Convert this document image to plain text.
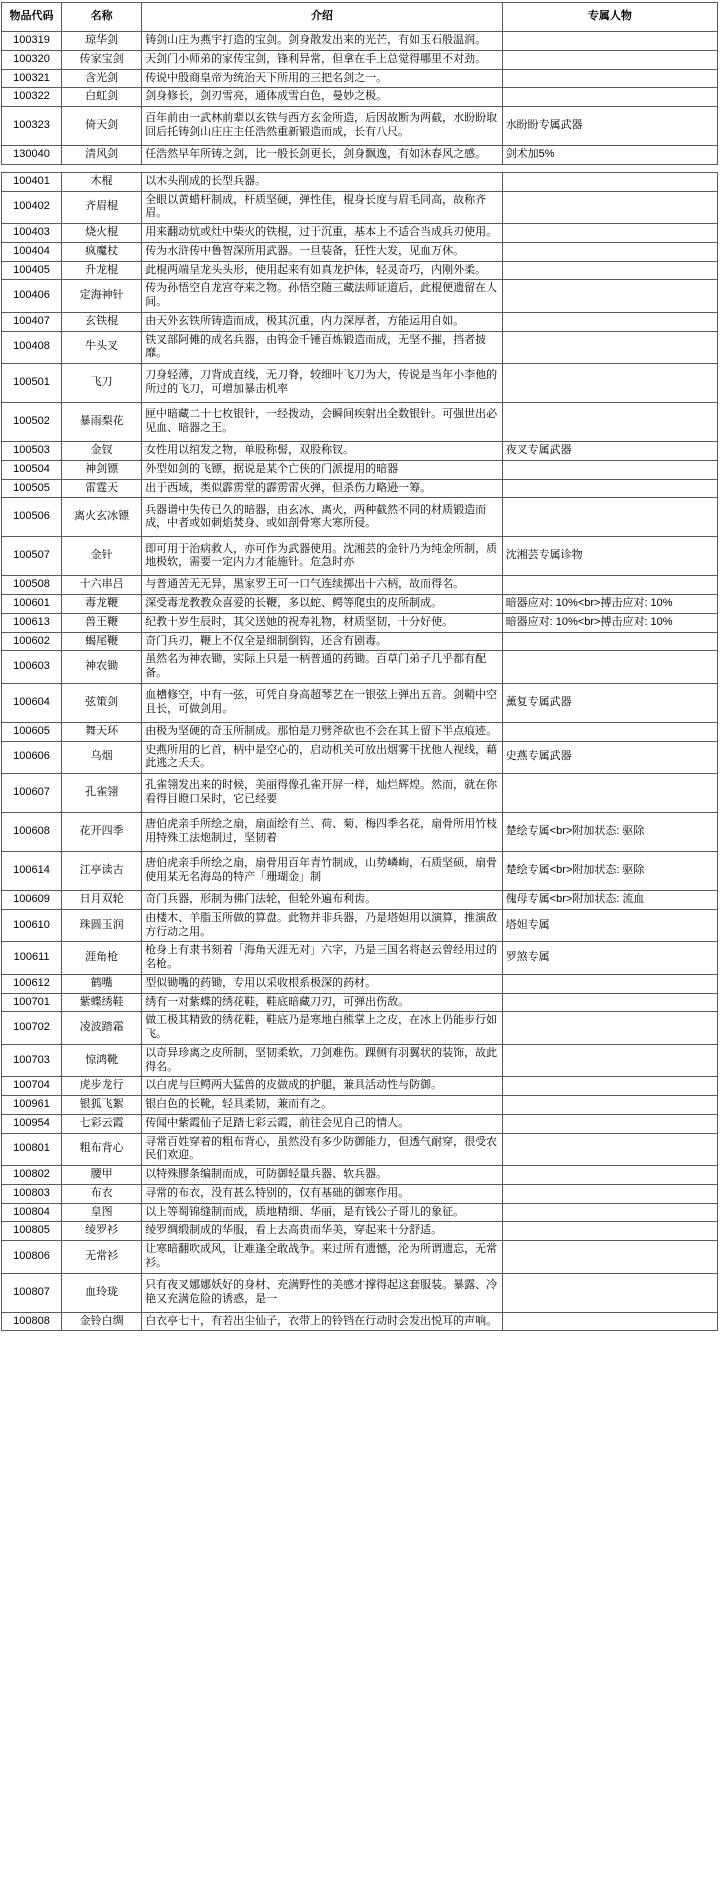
物品代码	名称	介绍	专属人物
100319	琼华剑	铸剑山庄为燕宇打造的宝剑。剑身散发出来的光芒，有如玉石般温润。	
100320	传家宝剑	天剑门小师弟的家传宝剑，锋利异常，但拿在手上总觉得哪里不对劲。	
100321	含光剑	传说中殷商皇帝为统治天下所用的三把名剑之一。	
100322	白虹剑	剑身修长，剑刃雪亮，通体成雪白色，曼妙之极。	
100323	倚天剑	百年前由一武林前辈以玄铁与西方玄金所造，后因故断为两截，水盼盼取回后托铸剑山庄庄主任浩然重新锻造而成，长有八尺。	水盼盼专属武器
130040	清风剑	任浩然早年所铸之剑，比一般长剑更长，剑身飘逸，有如沐春风之感。	剑术加5%

100401	木棍	以木头削成的长型兵器。	
100402	齐眉棍	全眼以黄蜡杆制成，杆质坚硬，弹性佳，棍身长度与眉毛同高，故称齐眉。	
100403	烧火棍	用来翻动炕或灶中柴火的铁棍，过于沉重，基本上不适合当成兵刃使用。	
100404	疯魔杖	传为水浒传中鲁智深所用武器。一旦装备，狂性大发，见血万休。	
100405	升龙棍	此棍两端呈龙头头形，使用起来有如真龙护体，轻灵奇巧，内刚外柔。	
100406	定海神针	传为孙悟空自龙宫夺来之物。孙悟空随三藏法师证道后，此棍便遗留在人间。	
100407	玄铁棍	由天外玄铁所铸造而成，极其沉重，内力深厚者，方能运用自如。	
100408	牛头叉	铁叉部阿傩的成名兵器，由钨金千锤百炼锻造而成，无坚不摧，挡者披靡。	
100501	飞刀	刀身轻薄，刀背成直线，无刀脊，较细叶飞刀为大，传说是当年小李他的所过的飞刀，可增加暴击机率	
100502	暴雨梨花	匣中暗藏二十七枚银针，一经拨动，会瞬间疾射出全数银针。可强世出必见血、暗器之王。	
100503	金钗	女性用以绾发之物，单股称髻，双股称钗。	夜叉专属武器
100504	神剑镖	外型如剑的飞镖，据说是某个亡侠的门派提用的暗器	
100505	雷霆天	出于西域，类似霹雳堂的霹雳雷火弹，但杀伤力略逊一筹。	
100506	离火玄冰镖	兵器谱中失传已久的暗器，由玄冰、离火，两种截然不同的材质锻造而成，中者或如刺焰焚身、或如剖骨寒大寒所侵。	
100507	金针	即可用于治病救人，亦可作为武器使用。沈湘芸的金针乃为纯金所制，质地极软，需要一定内力才能施针。危急时亦	沈湘芸专属诊物
100508	十六串吕	与普通苦无无异，黑家罗王可一口气连续掷出十六柄，故而得名。	
100601	毒龙鞭	深受毒龙教教众喜爱的长鞭，多以蛇、鳄等爬虫的皮所制成。	暗器应对: 10%<br>搏击应对: 10%
100613	兽王鞭	纪教十岁生辰时，其父送她的祝寿礼物，材质坚韧，十分好使。	暗器应对: 10%<br>搏击应对: 10%
100602	蝎尾鞭	奇门兵刃，鞭上不仅全是细制倒钩，还含有剧毒。	
100603	神农锄	虽然名为神农锄，实际上只是一柄普通的药锄。百草门弟子几乎都有配备。	
100604	弦策剑	血槽修空，中有一弦，可凭自身高超琴艺在一银弦上弹出五音。剑鞘中空且长，可做剑用。	薰复专属武器
100605	舞天环	由极为坚硬的奇玉所制成。那怕是刀劈斧砍也不会在其上留下半点痕迹。	
100606	乌烟	史燕所用的匕首，柄中是空心的，启动机关可放出烟雾干扰他人视线，藉此逃之夭夭。	史燕专属武器
100607	孔雀翎	孔雀翎发出来的时候，美丽得像孔雀开屏一样，灿烂辉煌。然而，就在你看得目瞪口呆时，它已经要	
100608	花开四季	唐伯虎亲手所绘之扇，扇面绘有兰、荷、菊、梅四季名花，扇骨所用竹枝用特殊工法炮制过，坚韧着	楚绘专属<br>附加状态: 驱除
100614	江亭读古	唐伯虎亲手所绘之扇，扇骨用百年青竹制成，山势嶙峋，石质坚硕，扇骨使用某无名海岛的特产「珊瑚金」制	楚绘专属<br>附加状态: 驱除
100609	日月双轮	奇门兵器，形制为佛门法轮，但轮外遍布利齿。	傀母专属<br>附加状态: 流血
100610	珠圆玉润	由楼木、羊脂玉所做的算盘。此物并非兵器，乃是塔妲用以演算，推演敌方行动之用。	塔妲专属
100611	涯角枪	枪身上有隶书刻着「海角天涯无对」六字，乃是三国名将赵云曾经用过的名枪。	罗煞专属
100612	鹤嘴	型似锄嘴的药锄，专用以采收根系极深的药材。	
100701	紫蝶绣鞋	绣有一对紫蝶的绣花鞋，鞋底暗藏刀刃，可弹出伤敌。	
100702	凌波踏霜	做工极其精致的绣花鞋，鞋底乃是寒地白熊掌上之皮，在冰上仍能步行如飞。	
100703	惊鸿靴	以奇异珍离之皮所制，坚韧柔软，刀剑难伤。踝侧有羽翼状的装饰，故此得名。	
100704	虎步龙行	以白虎与巨鳄两大猛兽的皮做成的护腿，兼具活动性与防御。	
100961	银狐飞絮	银白色的长靴，轻具柔韧，兼而有之。	
100954	七彩云霞	传闻中紫霞仙子足踏七彩云霞，前往会见自己的情人。	
100801	粗布背心	寻常百姓穿着的粗布背心，虽然没有多少防御能力，但透气耐穿，很受农民们欢迎。	
100802	腰甲	以特殊膠条编制而成，可防御轻量兵器、软兵器。	
100803	布衣	寻常的布衣，没有甚么特别的，仅有基础的御寒作用。	
100804	皇图	以上等蜀锦缝制而成，质地精细、华丽，是有钱公子哥儿的象征。	
100805	绫罗衫	绫罗绸缎制成的华服，看上去高贵而华美，穿起来十分舒适。	
100806	无常衫	让寒暗翻吹成风，让难逢全敢战争。来过所有遗憾，沦为所谓遗忘，无常衫。	
100807	血玲珑	只有夜叉娜娜妖好的身材、充满野性的美感才撑得起这套服装。暴露、冷艳又充满危险的诱惑，是一	
100808	金铃白绸	白衣亭七十，有若出尘仙子，衣带上的铃铛在行动时会发出悦耳的声响。	
